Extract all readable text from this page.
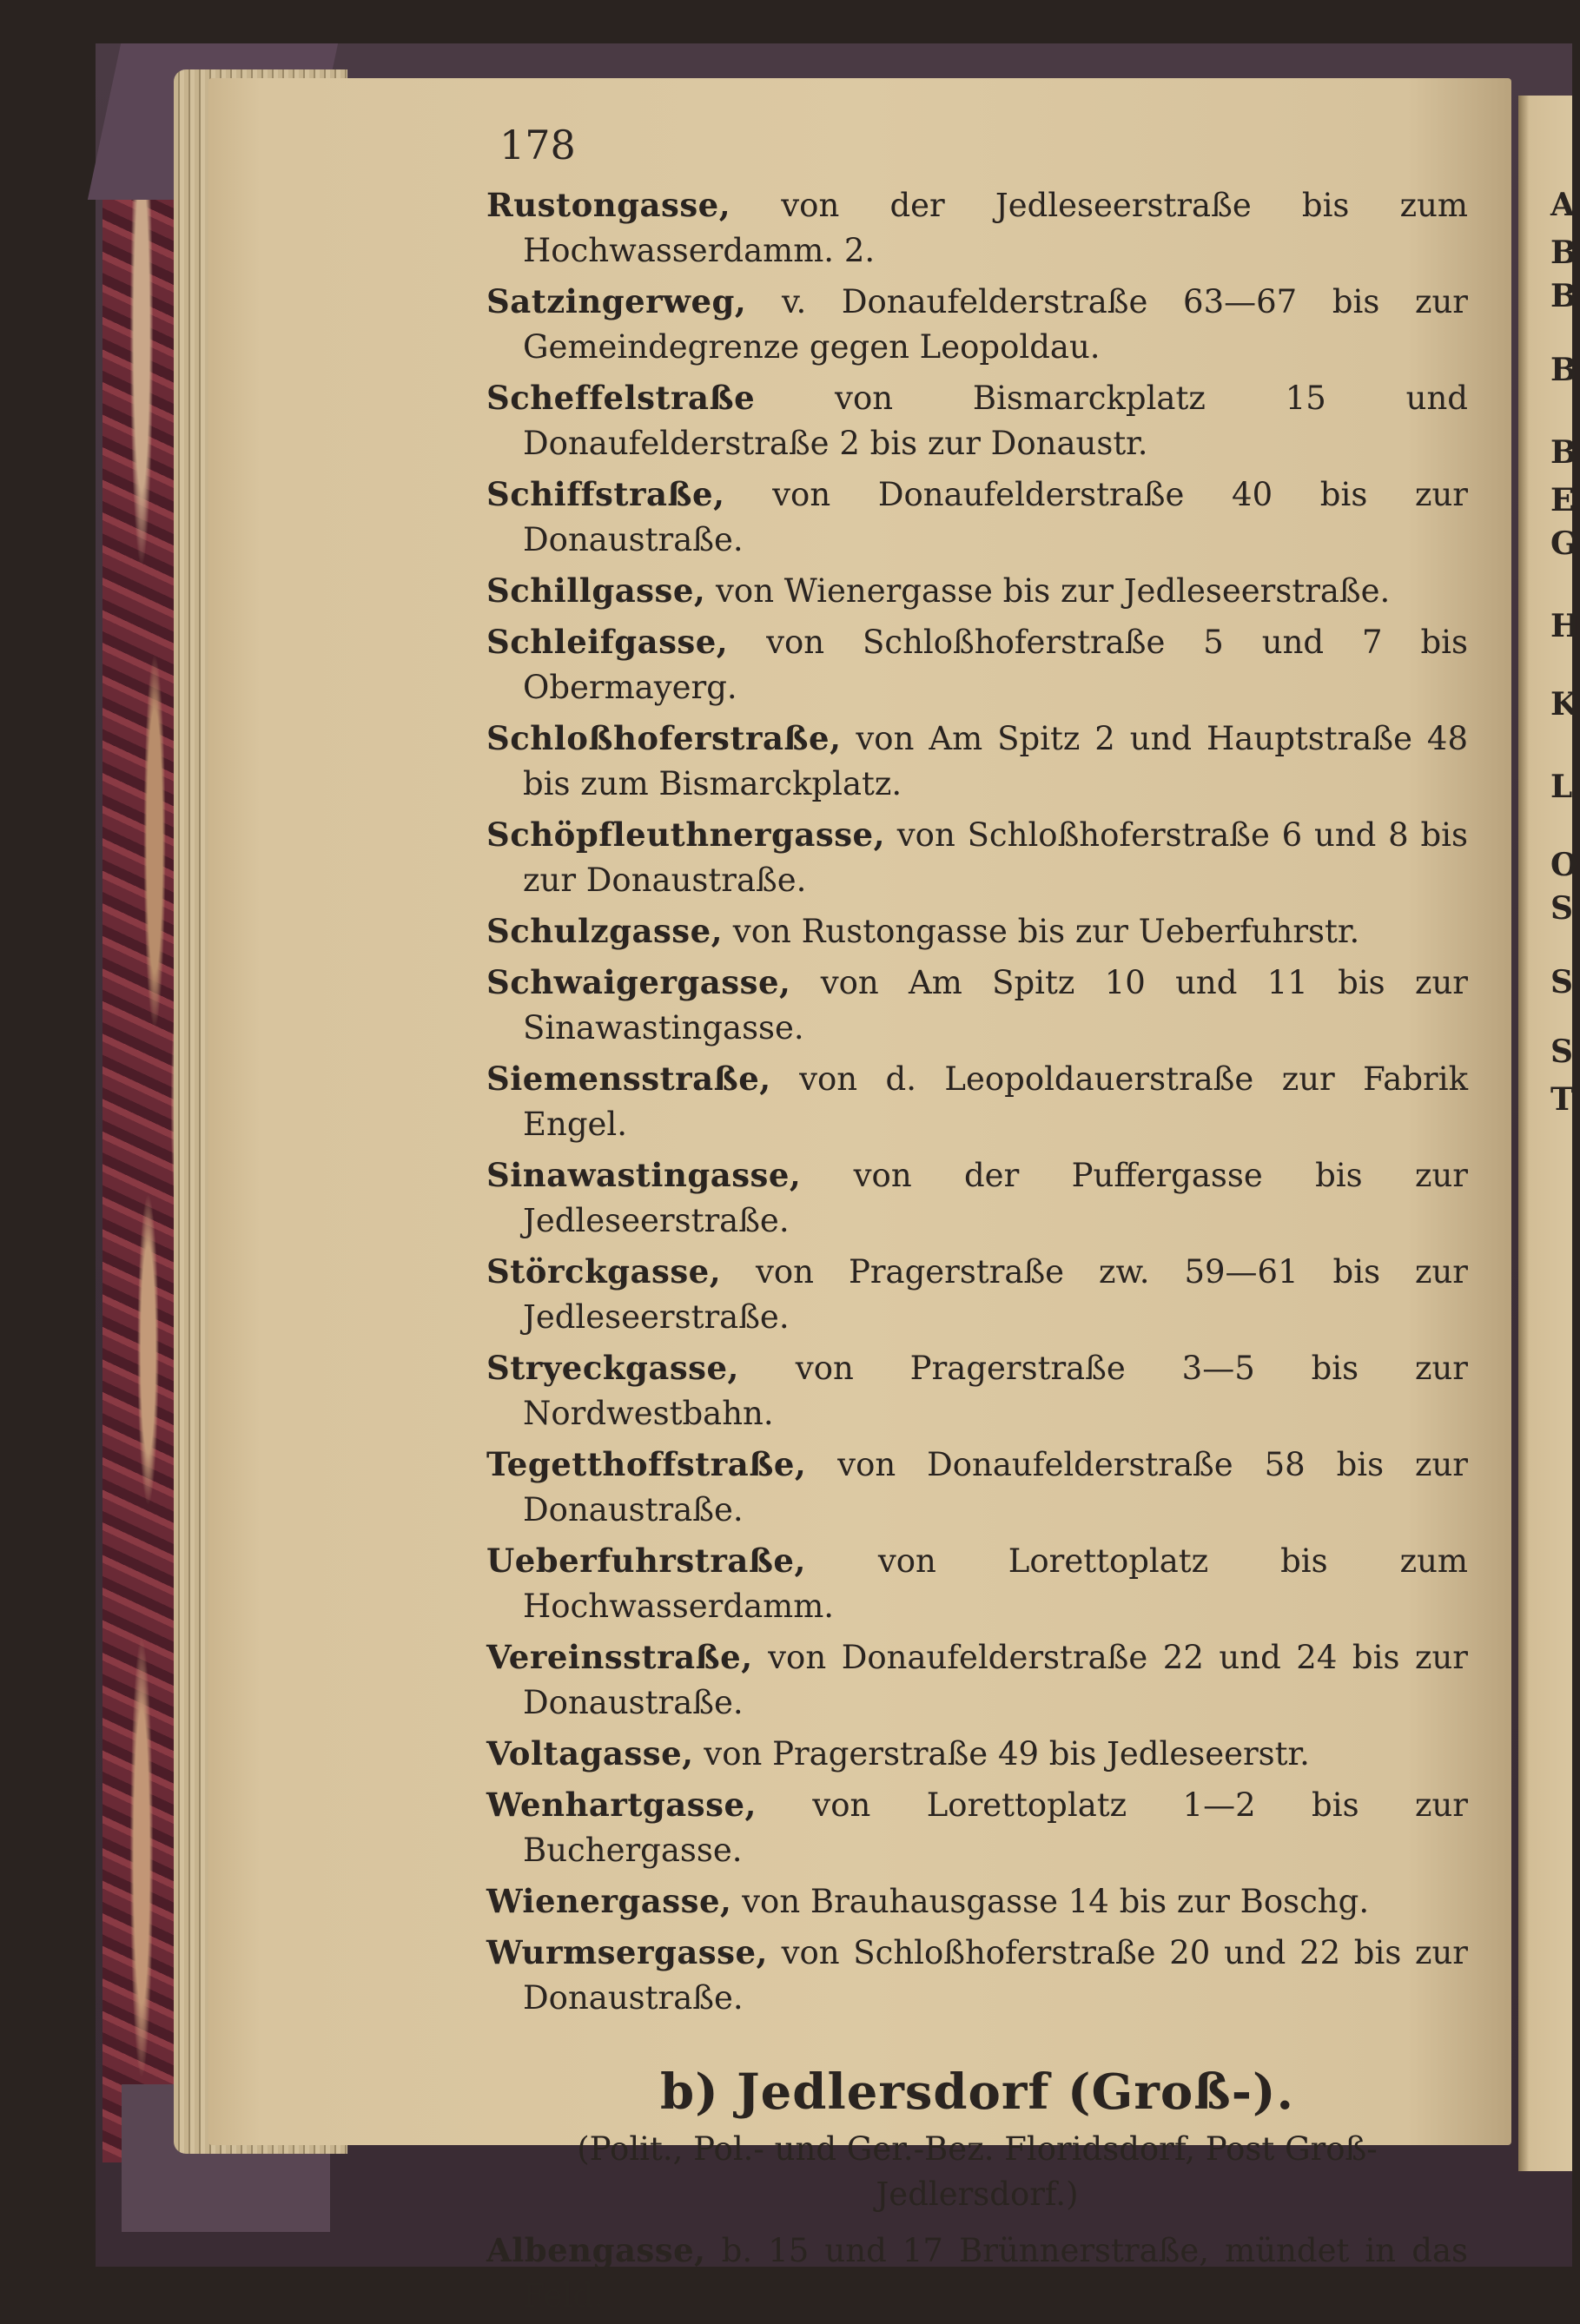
A
B
B
B
B
E
G
H
K
L
O
S
S
S
T
178

Rustongasse, von der Jedleseerstraße bis zum Hochwasserdamm. 2.

Satzingerweg, v. Donaufelderstraße 63—67 bis zur Gemeindegrenze gegen Leopoldau.

Scheffelstraße von Bismarckplatz 15 und Donaufelderstraße 2 bis zur Donaustr.

Schiffstraße, von Donaufelderstraße 40 bis zur Donaustraße.

Schillgasse, von Wienergasse bis zur Jedleseerstraße.

Schleifgasse, von Schloßhoferstraße 5 und 7 bis Obermayerg.

Schloßhoferstraße, von Am Spitz 2 und Hauptstraße 48 bis zum Bismarckplatz.

Schöpfleuthnergasse, von Schloßhoferstraße 6 und 8 bis zur Donaustraße.

Schulzgasse, von Rustongasse bis zur Ueberfuhrstr.

Schwaigergasse, von Am Spitz 10 und 11 bis zur Sinawastingasse.

Siemensstraße, von d. Leopoldauerstraße zur Fabrik Engel.

Sinawastingasse, von der Puffergasse bis zur Jedleseerstraße.

Störckgasse, von Pragerstraße zw. 59—61 bis zur Jedleseerstraße.

Stryeckgasse, von Pragerstraße 3—5 bis zur Nordwestbahn.

Tegetthoffstraße, von Donaufelderstraße 58 bis zur Donaustraße.

Ueberfuhrstraße, von Lorettoplatz bis zum Hochwasserdamm.

Vereinsstraße, von Donaufelderstraße 22 und 24 bis zur Donaustraße.

Voltagasse, von Pragerstraße 49 bis Jedleseerstr.

Wenhartgasse, von Lorettoplatz 1—2 bis zur Buchergasse.

Wienergasse, von Brauhausgasse 14 bis zur Boschg.

Wurmsergasse, von Schloßhoferstraße 20 und 22 bis zur Donaustraße.

b) Jedlersdorf (Groß-).
(Polit., Pol.- und Ger.-Bez. Floridsdorf, Post Groß-Jedlersdorf.)

Albengasse, b. 15 und 17 Brünnerstraße, mündet in das Feld.
